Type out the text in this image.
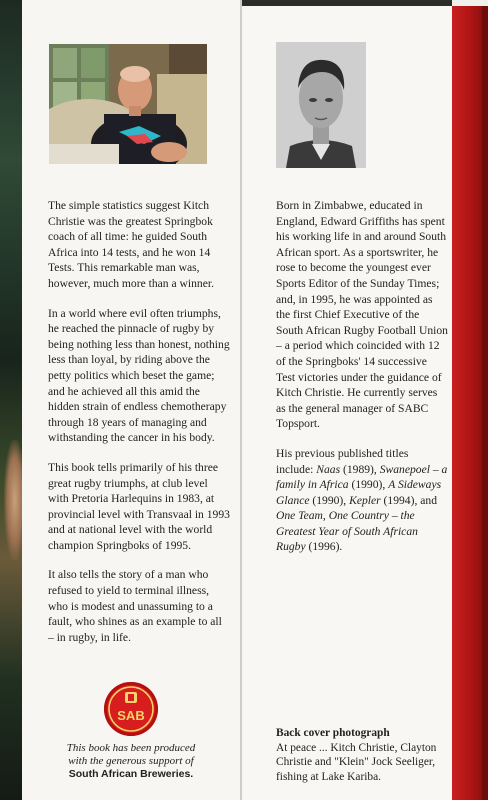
The simple statistics suggest Kitch Christie was the greatest Springbok coach of all time: he guided South Africa into 14 tests, and he won 14 Tests. This remarkable man was, however, much more than a winner.

In a world where evil often triumphs, he reached the pinnacle of rugby by being nothing less than honest, nothing less than loyal, by riding above the petty politics which beset the game; and he achieved all this amid the hidden strain of endless chemotherapy through 18 years of managing and withstanding the cancer in his body.

This book tells primarily of his three great rugby triumphs, at club level with Pretoria Harlequins in 1983, at provincial level with Transvaal in 1993 and at national level with the world champion Springboks of 1995.

It also tells the story of a man who refused to yield to terminal illness, who is modest and unassuming to a fault, who shines as an example to all – in rugby, in life.

SAB
This book has been produced
with the generous support of
South African Breweries.

Born in Zimbabwe, educated in England, Edward Griffiths has spent his working life in and around South African sport. As a sportswriter, he rose to become the youngest ever Sports Editor of the Sunday Times; and, in 1995, he was appointed as the first Chief Executive of the South African Rugby Football Union – a period which coincided with 12 of the Springboks' 14 successive Test victories under the guidance of Kitch Christie. He currently serves as the general manager of SABC Topsport.

His previous published titles include: Naas (1989), Swanepoel – a family in Africa (1990), A Sideways Glance (1990), Kepler (1994), and One Team, One Country – the Greatest Year of South African Rugby (1996).

Back cover photograph
At peace ... Kitch Christie, Clayton Christie and "Klein" Jock Seeliger, fishing at Lake Kariba.
